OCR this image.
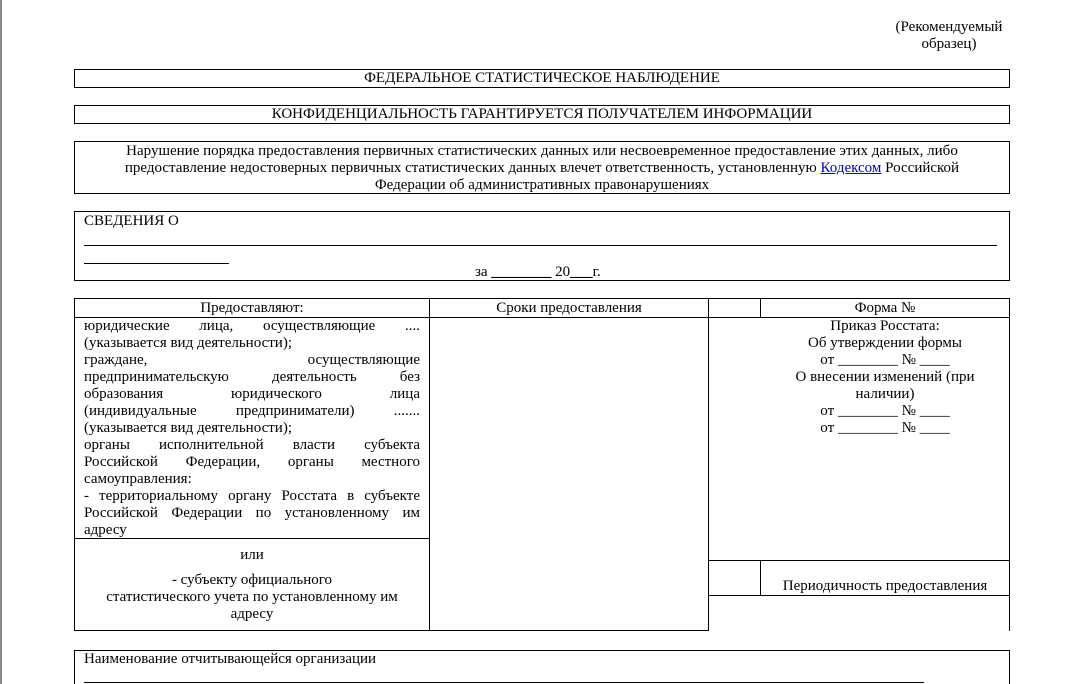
(Рекомендуемый
образец)
ФЕДЕРАЛЬНОЕ СТАТИСТИЧЕСКОЕ НАБЛЮДЕНИЕ
КОНФИДЕНЦИАЛЬНОСТЬ ГАРАНТИРУЕТСЯ ПОЛУЧАТЕЛЕМ ИНФОРМАЦИИ
Нарушение порядка предоставления первичных статистических данных или несвоевременное предоставление этих данных, либо
предоставление недостоверных первичных статистических данных влечет ответственность, установленную Кодексом Российской
Федерации об административных правонарушениях
СВЕДЕНИЯ О
за ________ 20___г.
Предоставляют:	Сроки предоставления	Форма №
юридические лица, осуществляющие ....
(указывается вид деятельности);
граждане, осуществляющие
предпринимательскую деятельность без
образования юридического лица
(индивидуальные предприниматели) .......
(указывается вид деятельности);
органы исполнительной власти субъекта
Российской Федерации, органы местного
самоуправления:
- территориальному органу Росстата в субъекте
Российской Федерации по установленному им
адресу
или
- субъекту официального
статистического учета по установленному им
адресу
Приказ Росстата:
Об утверждении формы
от ________ № ____
О внесении изменений (при
наличии)
от ________ № ____
от ________ № ____
Периодичность предоставления
Наименование отчитывающейся организации
